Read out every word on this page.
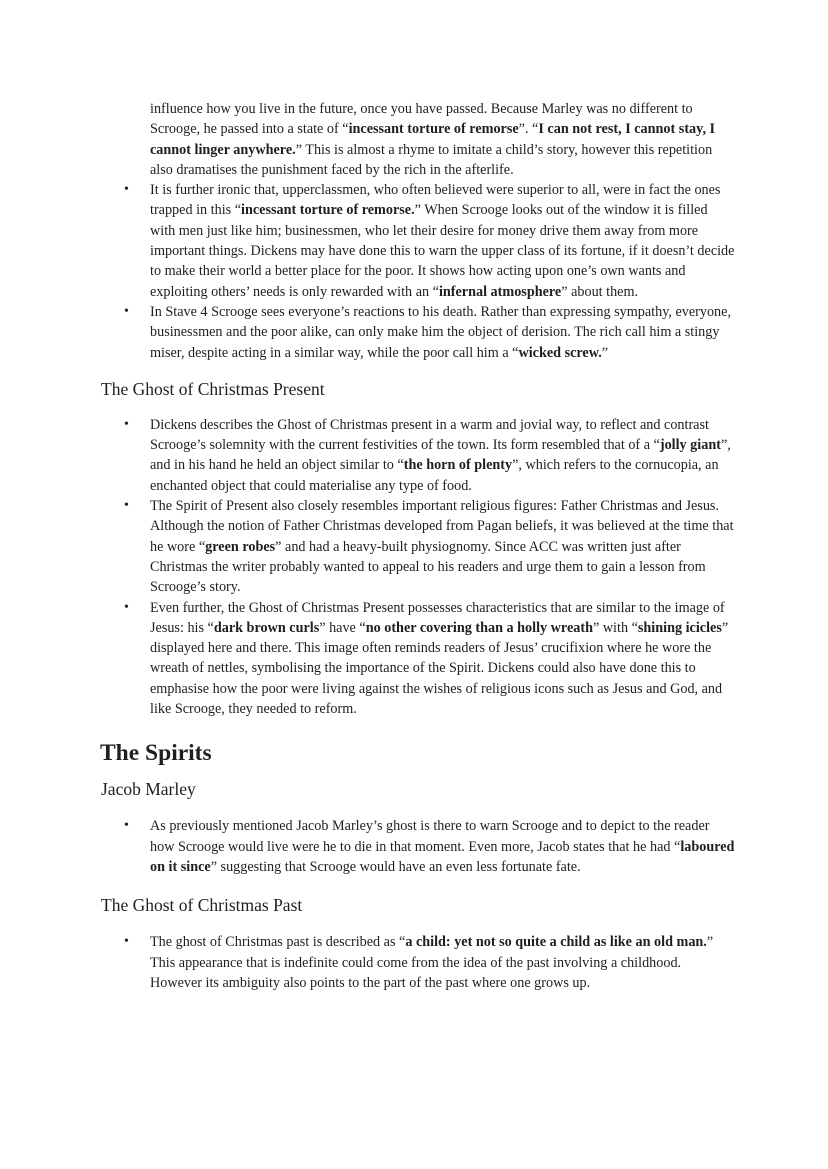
influence how you live in the future, once you have passed. Because Marley was no different to Scrooge, he passed into a state of “incessant torture of remorse”. “I can not rest, I cannot stay, I cannot linger anywhere.” This is almost a rhyme to imitate a child’s story, however this repetition also dramatises the punishment faced by the rich in the afterlife.

• It is further ironic that, upperclassmen, who often believed were superior to all, were in fact the ones trapped in this “incessant torture of remorse.” When Scrooge looks out of the window it is filled with men just like him; businessmen, who let their desire for money drive them away from more important things. Dickens may have done this to warn the upper class of its fortune, if it doesn’t decide to make their world a better place for the poor. It shows how acting upon one’s own wants and exploiting others’ needs is only rewarded with an “infernal atmosphere” about them.
• In Stave 4 Scrooge sees everyone’s reactions to his death. Rather than expressing sympathy, everyone, businessmen and the poor alike, can only make him the object of derision. The rich call him a stingy miser, despite acting in a similar way, while the poor call him a “wicked screw.”
The Ghost of Christmas Present
• Dickens describes the Ghost of Christmas present in a warm and jovial way, to reflect and contrast Scrooge’s solemnity with the current festivities of the town. Its form resembled that of a “jolly giant”, and in his hand he held an object similar to “the horn of plenty”, which refers to the cornucopia, an enchanted object that could materialise any type of food.
• The Spirit of Present also closely resembles important religious figures: Father Christmas and Jesus. Although the notion of Father Christmas developed from Pagan beliefs, it was believed at the time that he wore “green robes” and had a heavy-built physiognomy. Since ACC was written just after Christmas the writer probably wanted to appeal to his readers and urge them to gain a lesson from Scrooge’s story.
• Even further, the Ghost of Christmas Present possesses characteristics that are similar to the image of Jesus: his “dark brown curls” have “no other covering than a holly wreath” with “shining icicles” displayed here and there. This image often reminds readers of Jesus’ crucifixion where he wore the wreath of nettles, symbolising the importance of the Spirit. Dickens could also have done this to emphasise how the poor were living against the wishes of religious icons such as Jesus and God, and like Scrooge, they needed to reform.
The Spirits
Jacob Marley
• As previously mentioned Jacob Marley’s ghost is there to warn Scrooge and to depict to the reader how Scrooge would live were he to die in that moment. Even more, Jacob states that he had “laboured on it since” suggesting that Scrooge would have an even less fortunate fate.
The Ghost of Christmas Past
• The ghost of Christmas past is described as “a child: yet not so quite a child as like an old man.” This appearance that is indefinite could come from the idea of the past involving a childhood. However its ambiguity also points to the part of the past where one grows up.
